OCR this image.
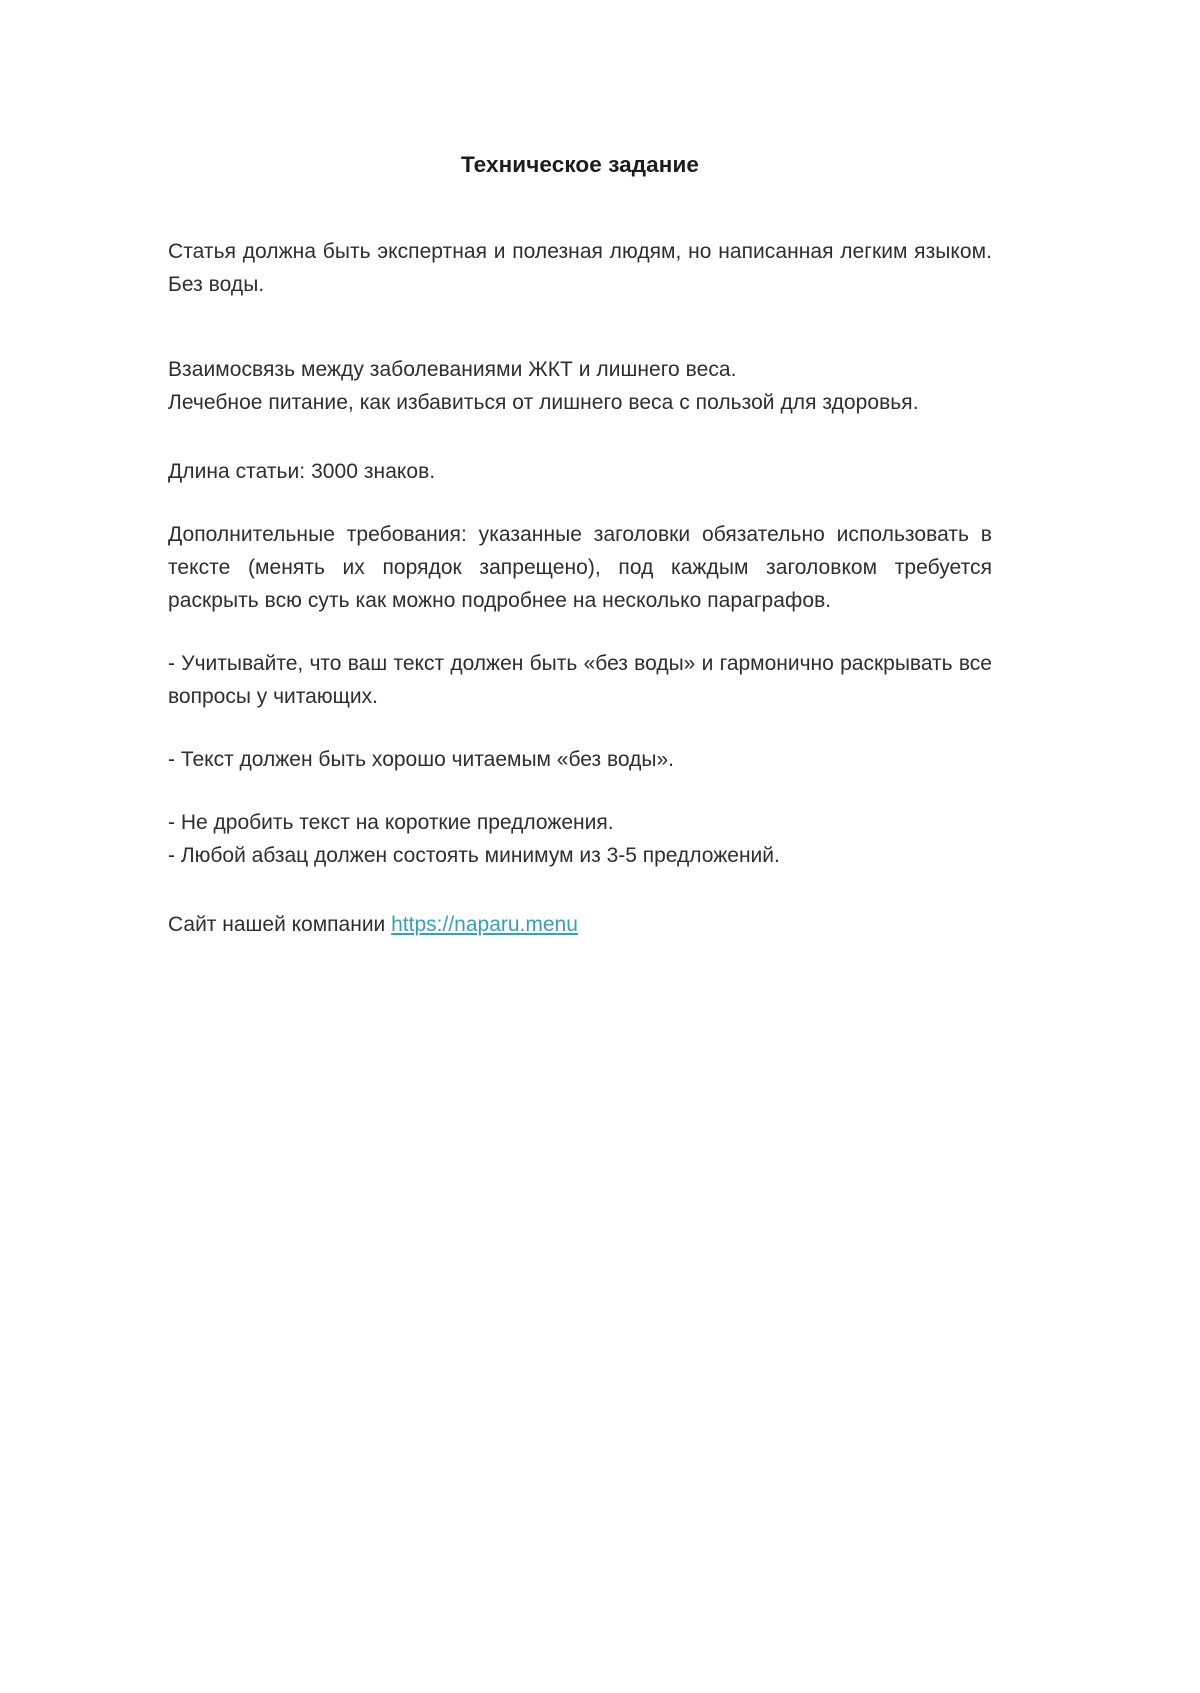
Техническое задание

Статья должна быть экспертная и полезная людям, но написанная легким языком. Без воды.

Взаимосвязь между заболеваниями ЖКТ и лишнего веса.

Лечебное питание, как избавиться от лишнего веса с пользой для здоровья.

Длина статьи: 3000 знаков.

Дополнительные требования: указанные заголовки обязательно использовать в тексте (менять их порядок запрещено), под каждым заголовком требуется раскрыть всю суть как можно подробнее на несколько параграфов.

- Учитывайте, что ваш текст должен быть «без воды» и гармонично раскрывать все вопросы у читающих.

- Текст должен быть хорошо читаемым «без воды».

- Не дробить текст на короткие предложения.

- Любой абзац должен состоять минимум из 3-5 предложений.

Сайт нашей компании https://naparu.menu
